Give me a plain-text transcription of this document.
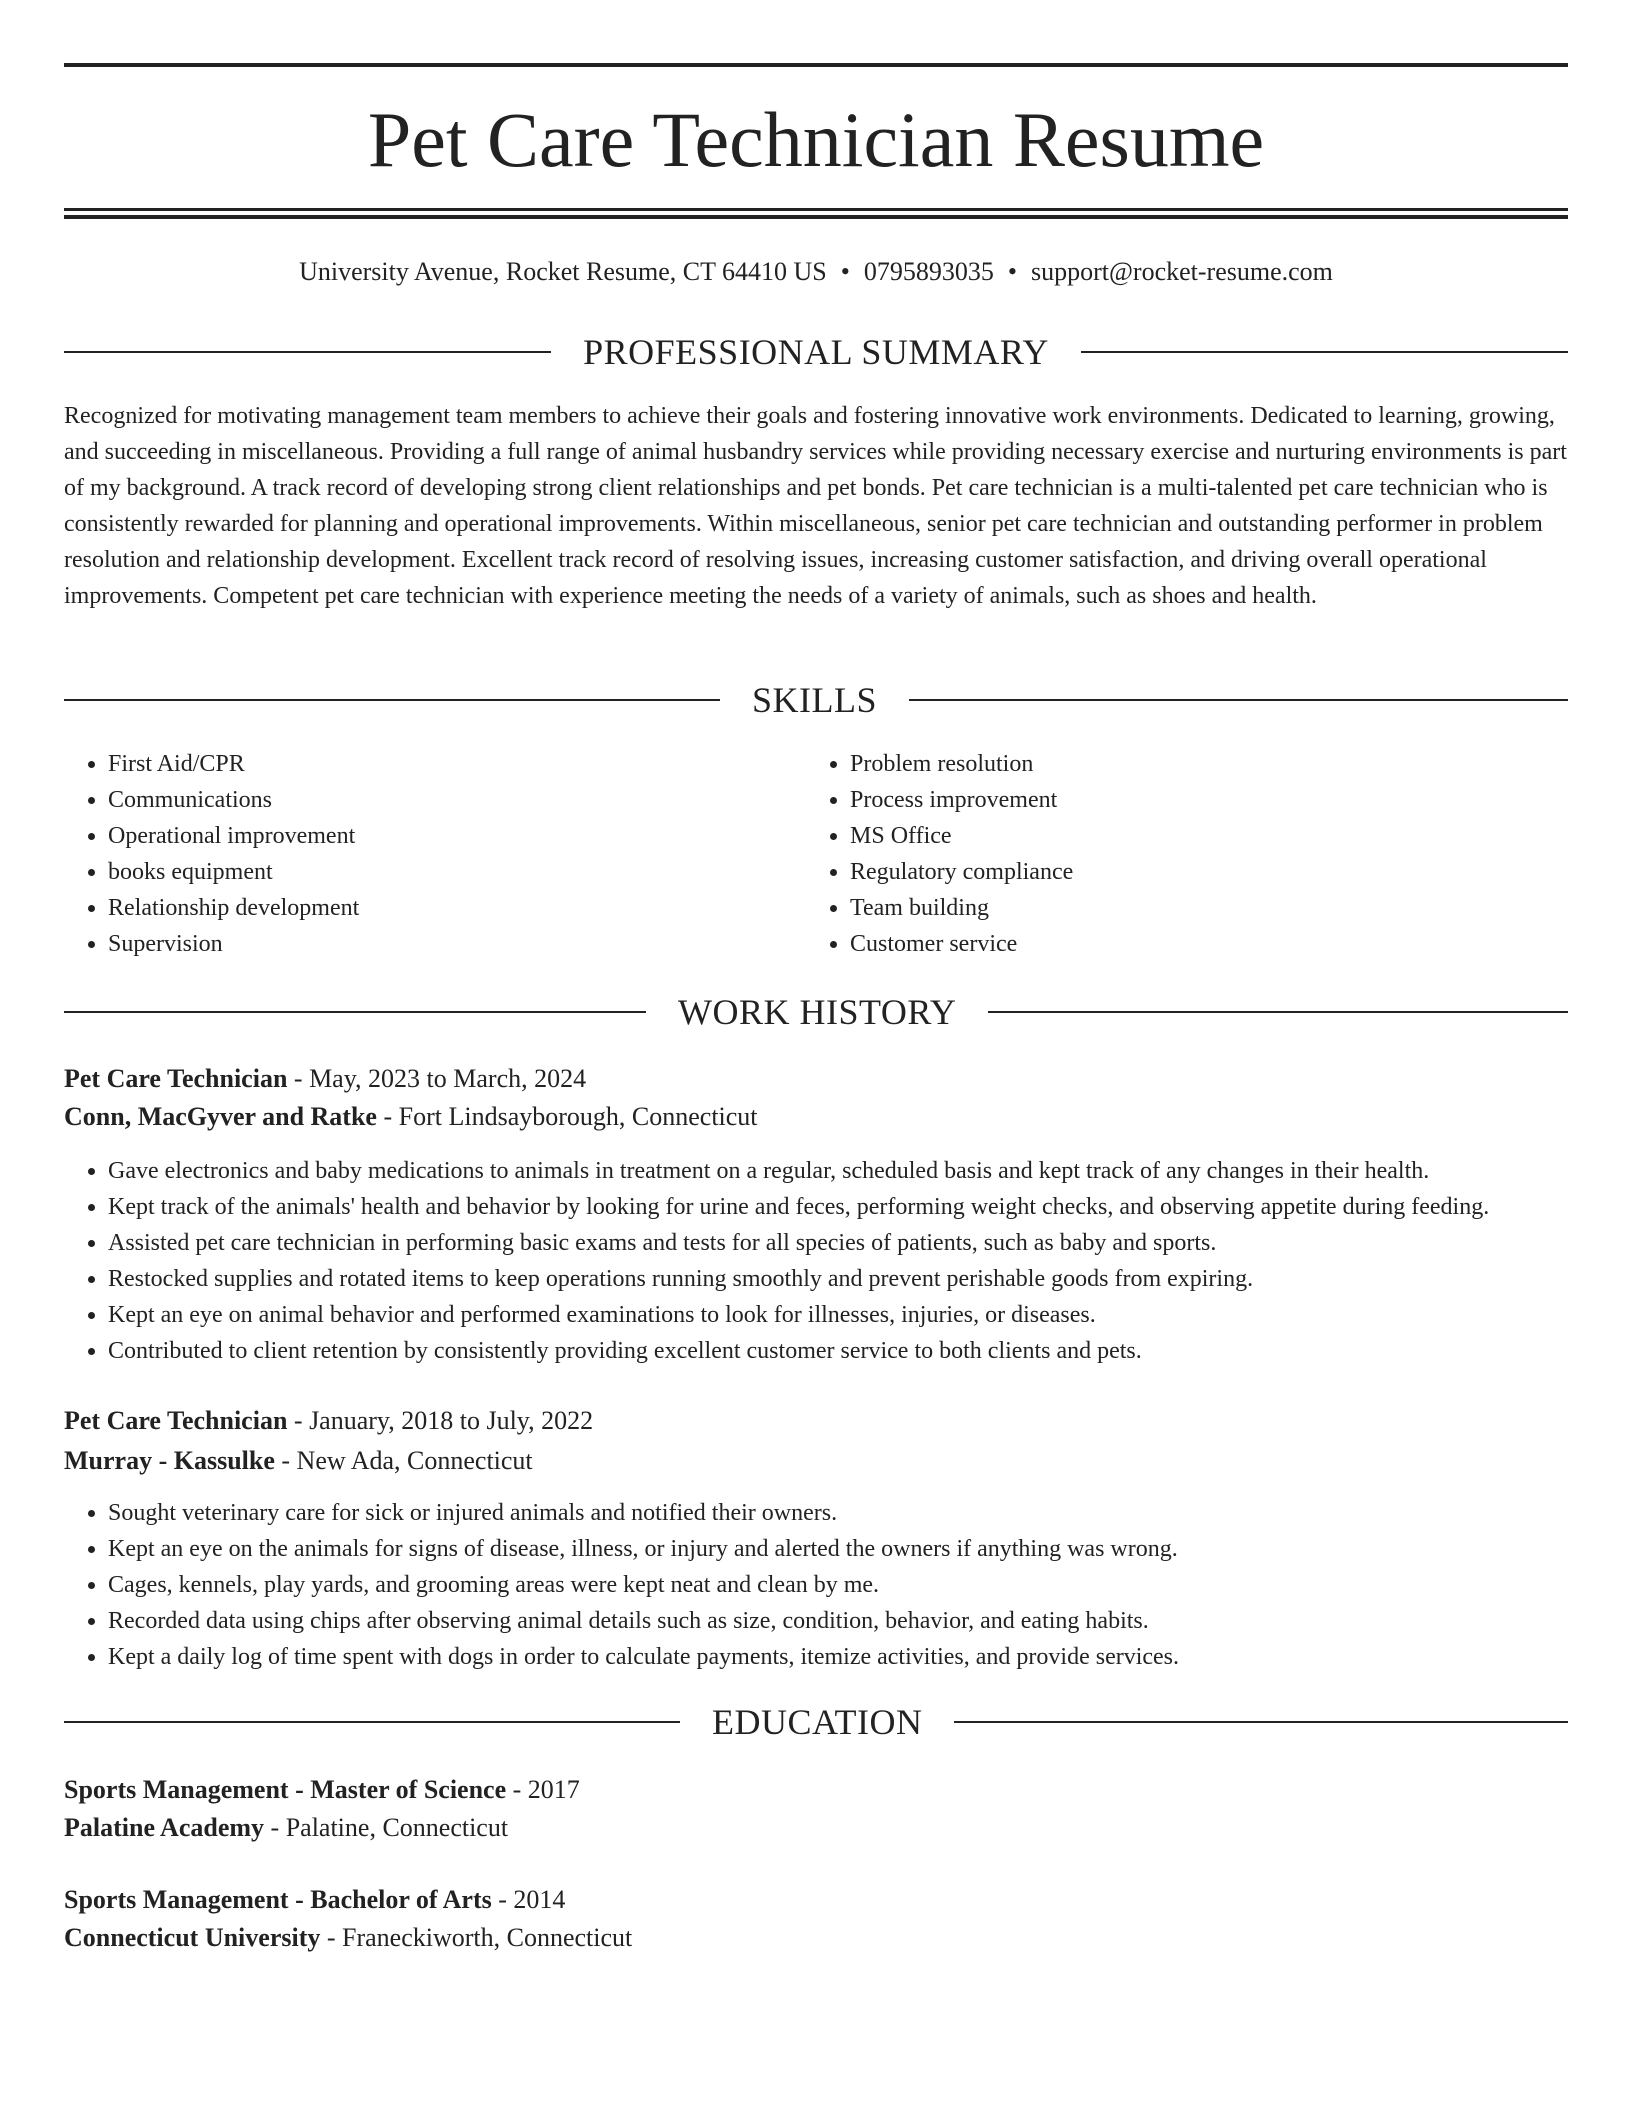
Pet Care Technician Resume
University Avenue, Rocket Resume, CT 64410 US • 0795893035 • support@rocket-resume.com
PROFESSIONAL SUMMARY

Recognized for motivating management team members to achieve their goals and fostering innovative work environments. Dedicated to learning, growing, and succeeding in miscellaneous. Providing a full range of animal husbandry services while providing necessary exercise and nurturing environments is part of my background. A track record of developing strong client relationships and pet bonds. Pet care technician is a multi-talented pet care technician who is consistently rewarded for planning and operational improvements. Within miscellaneous, senior pet care technician and outstanding performer in problem resolution and relationship development. Excellent track record of resolving issues, increasing customer satisfaction, and driving overall operational improvements. Competent pet care technician with experience meeting the needs of a variety of animals, such as shoes and health.

SKILLS
• First Aid/CPR
• Communications
• Operational improvement
• books equipment
• Relationship development
• Supervision
• Problem resolution
• Process improvement
• MS Office
• Regulatory compliance
• Team building
• Customer service
WORK HISTORY
Pet Care Technician - May, 2023 to March, 2024
Conn, MacGyver and Ratke - Fort Lindsayborough, Connecticut
• Gave electronics and baby medications to animals in treatment on a regular, scheduled basis and kept track of any changes in their health.
• Kept track of the animals' health and behavior by looking for urine and feces, performing weight checks, and observing appetite during feeding.
• Assisted pet care technician in performing basic exams and tests for all species of patients, such as baby and sports.
• Restocked supplies and rotated items to keep operations running smoothly and prevent perishable goods from expiring.
• Kept an eye on animal behavior and performed examinations to look for illnesses, injuries, or diseases.
• Contributed to client retention by consistently providing excellent customer service to both clients and pets.
Pet Care Technician - January, 2018 to July, 2022
Murray - Kassulke - New Ada, Connecticut
• Sought veterinary care for sick or injured animals and notified their owners.
• Kept an eye on the animals for signs of disease, illness, or injury and alerted the owners if anything was wrong.
• Cages, kennels, play yards, and grooming areas were kept neat and clean by me.
• Recorded data using chips after observing animal details such as size, condition, behavior, and eating habits.
• Kept a daily log of time spent with dogs in order to calculate payments, itemize activities, and provide services.
EDUCATION
Sports Management - Master of Science - 2017
Palatine Academy - Palatine, Connecticut
Sports Management - Bachelor of Arts - 2014
Connecticut University - Franeckiworth, Connecticut
